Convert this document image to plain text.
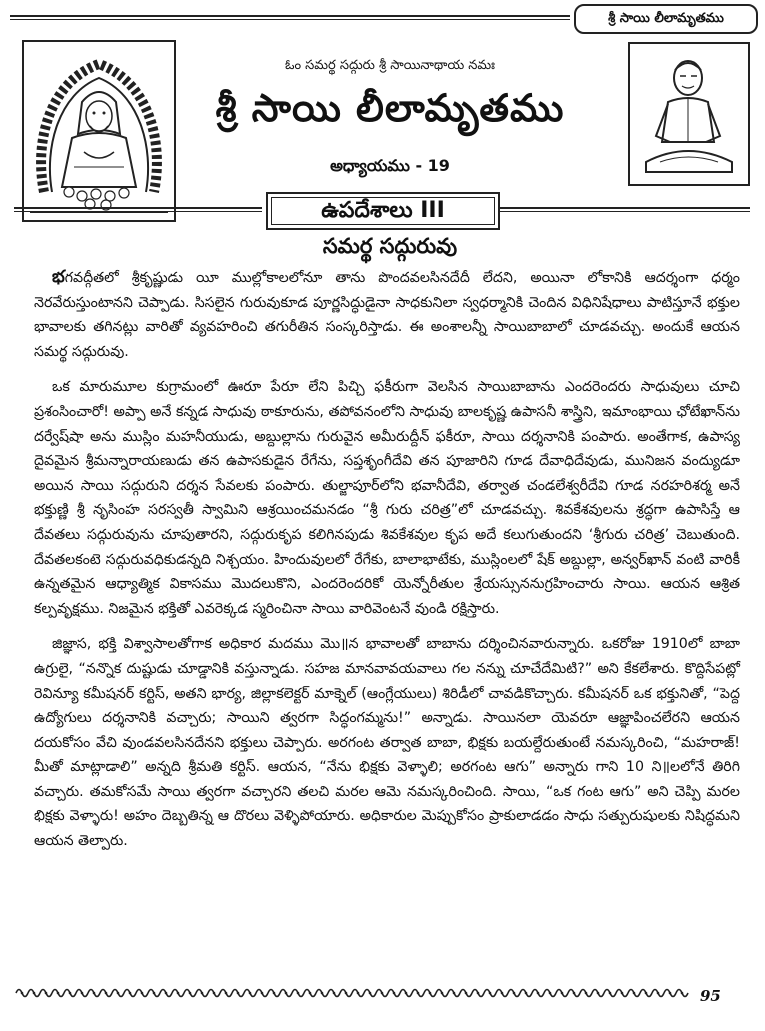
శ్రీ సాయి లీలామృతము
ఓం సమర్థ సద్గురు శ్రీ సాయినాథాయ నమః
శ్రీ సాయి లీలామృతము
అధ్యాయము - 19
ఉపదేశాలు III
సమర్థ సద్గురువు

భగవద్గీతలో శ్రీకృష్ణుడు యీ ముల్లోకాలలోనూ తాను పొందవలసినదేదీ లేదని, అయినా లోకానికి ఆదర్శంగా ధర్మం నెరవేరుస్తుంటానని చెప్పాడు. సిసలైన గురువుకూడ పూర్ణసిద్ధుడైనా సాధకునిలా స్వధర్మానికి చెందిన విధినిషేధాలు పాటిస్తూనే భక్తుల భావాలకు తగినట్లు వారితో వ్యవహరించి తగురీతిన సంస్కరిస్తాడు. ఈ అంశాలన్నీ సాయిబాబాలో చూడవచ్చు. అందుకే ఆయన సమర్థ సద్గురువు.

ఒక మారుమూల కుగ్రామంలో ఊరూ పేరూ లేని పిచ్చి ఫకీరుగా వెలసిన సాయిబాబాను ఎందరెందరు సాధువులు చూచి ప్రశంసించారో! అప్పా అనే కన్నడ సాధువు ఠాకూరును, తపోవనంలోని సాధువు బాలకృష్ణ ఉపాసనీ శాస్త్రిని, ఇమాంభాయి ఛోటేఖాన్‌ను దర్వేష్‌షా అను ముస్లిం మహనీయుడు, అబ్దుల్లాను గురువైన అమీరుద్దీన్ ఫకీరూ, సాయి దర్శనానికి పంపారు. అంతేగాక, ఉపాస్య దైవమైన శ్రీమన్నారాయణుడు తన ఉపాసకుడైన రేగేను, సప్తశృంగీదేవి తన పూజారిని గూడ దేవాధిదేవుడు, మునిజన వంద్యుడూ అయిన సాయి సద్గురుని దర్శన సేవలకు పంపారు. తుల్జాపూర్‌లోని భవానీదేవి, తర్వాత చండలేశ్వరీదేవి గూడ నరహరిశర్మ అనే భక్తుణ్ణి శ్రీ నృసింహ సరస్వతీ స్వామిని ఆశ్రయించమనడం “శ్రీ గురు చరిత్ర”లో చూడవచ్చు. శివకేశవులను శ్రద్ధగా ఉపాసిస్తే ఆ దేవతలు సద్గురువును చూపుతారని, సద్గురుకృప కలిగినపుడు శివకేశవుల కృప అదే కలుగుతుందని ‘శ్రీగురు చరిత్ర’ చెబుతుంది. దేవతలకంటె సద్గురువధికుడన్నది నిశ్చయం. హిందువులలో రేగేకు, బాలాభాటేకు, ముస్లింలలో షేక్ అబ్దుల్లా, అన్వర్‌ఖాన్ వంటి వారికీ ఉన్నతమైన ఆధ్యాత్మిక వికాసము మొదలుకొని, ఎందరెందరికో యెన్నోరీతుల శ్రేయస్సుననుగ్రహించారు సాయి. ఆయన ఆశ్రిత కల్పవృక్షము. నిజమైన భక్తితో ఎవరెక్కడ స్మరించినా సాయి వారివెంటనే వుండి రక్షిస్తారు.

జిజ్ఞాస, భక్తి విశ్వాసాలతోగాక అధికార మదము మొ॥న భావాలతో బాబాను దర్శించినవారున్నారు. ఒకరోజు 1910లో బాబా ఉగ్రులై, “నన్నొక దుష్టుడు చూడ్డానికి వస్తున్నాడు. సహజ మానవావయవాలు గల నన్ను చూచేదేమిటి?” అని కేకలేశారు. కొద్దిసేపట్లో రెవిన్యూ కమీషనర్ కర్టిస్, అతని భార్య, జిల్లాకలెక్టర్ మాక్నెల్ (ఆంగ్లేయులు) శిరిడీలో చావడికొచ్చారు. కమీషనర్ ఒక భక్తునితో, “పెద్ద ఉద్యోగులు దర్శనానికి వచ్చారు; సాయిని త్వరగా సిద్ధంగమ్మను!” అన్నాడు. సాయినలా యెవరూ ఆజ్ఞాపించలేరని ఆయన దయకోసం వేచి వుండవలసినదేనని భక్తులు చెప్పారు. అరగంట తర్వాత బాబా, భిక్షకు బయల్దేరుతుంటే నమస్కరించి, “మహరాజ్! మీతో మాట్లాడాలి” అన్నది శ్రీమతి కర్టిస్. ఆయన, “నేను భిక్షకు వెళ్ళాలి; అరగంట ఆగు” అన్నారు గాని 10 ని॥లలోనే తిరిగి వచ్చారు. తమకోసమే సాయి త్వరగా వచ్చారని తలచి మరల ఆమె నమస్కరించింది. సాయి, “ఒక గంట ఆగు” అని చెప్పి మరల భిక్షకు వెళ్ళారు! అహం దెబ్బతిన్న ఆ దొరలు వెళ్ళిపోయారు. అధికారుల మెప్పుకోసం ప్రాకులాడడం సాధు సత్పురుషులకు నిషిద్ధమని ఆయన తెల్పారు.

95
